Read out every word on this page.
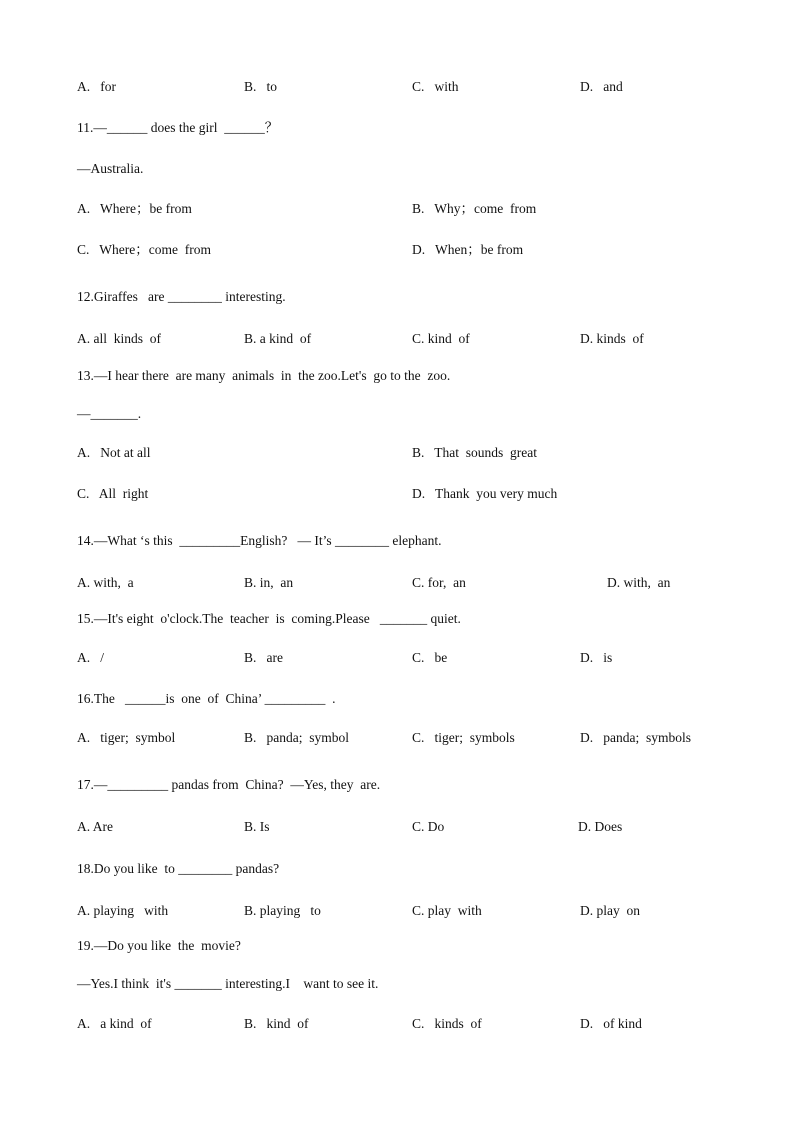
A.   for	B.   to	C.   with	D.   and
11.—______ does the girl  ______？
—Australia.
A.   Where；be from	B.   Why；come  from
C.   Where；come  from	D.   When；be from
12.Giraffes   are ________ interesting.
A. all  kinds  of	B. a kind  of	C. kind  of	D. kinds  of
13.—I hear there  are many  animals  in  the zoo.Let's  go to the  zoo.
—_______.
A.   Not at all	B.   That  sounds  great
C.   All  right	D.   Thank  you very much
14.—What ‘s this  _________English?   — It’s ________ elephant.
A. with,  a	B. in,  an	C. for,  an	D. with,  an
15.—It's eight  o'clock.The  teacher  is  coming.Please   _______ quiet.
A.   /	B.   are	C.   be	D.   is
16.The   ______is  one  of  China’ _________  .
A.   tiger;  symbol	B.   panda;  symbol	C.   tiger;  symbols	D.   panda;  symbols
17.—_________ pandas from  China?  —Yes, they  are.
A. Are	B. Is	C. Do	D. Does
18.Do you like  to ________ pandas?
A. playing   with	B. playing   to	C. play  with	D. play  on
19.—Do you like  the  movie?
—Yes.I think  it's _______ interesting.I    want to see it.
A.   a kind  of	B.   kind  of	C.   kinds  of	D.   of kind
